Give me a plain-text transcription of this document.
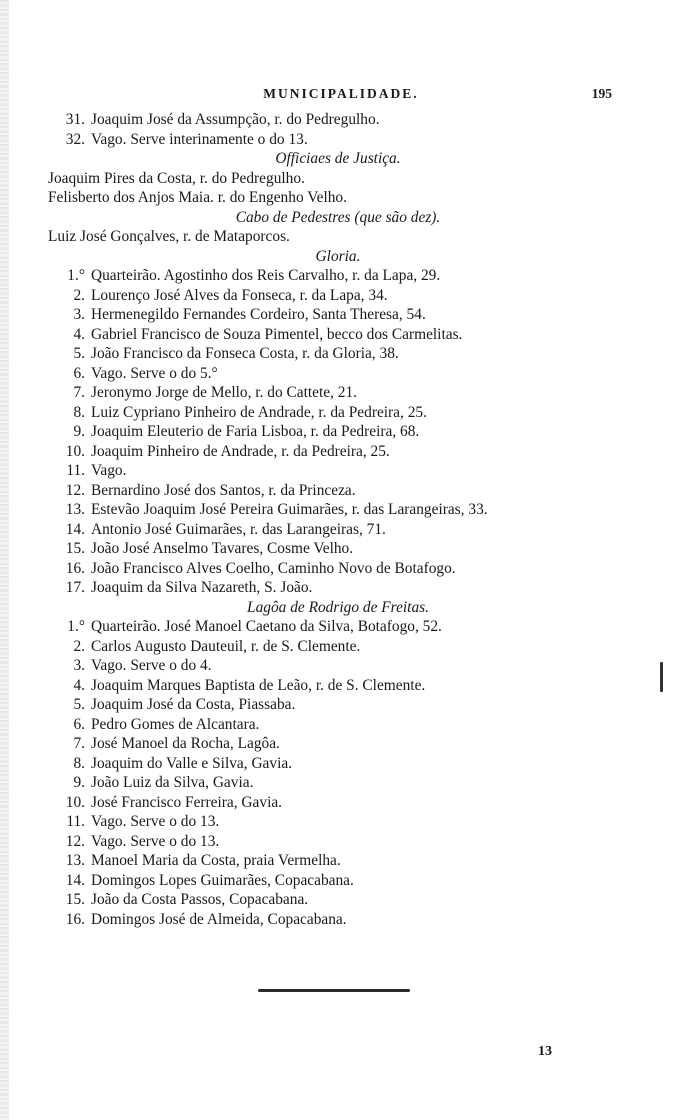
MUNICIPALIDADE.	195
31. Joaquim José da Assumpção, r. do Pedregulho.
32. Vago. Serve interinamente o do 13.
Officiaes de Justiça.
Joaquim Pires da Costa, r. do Pedregulho.
Felisberto dos Anjos Maia. r. do Engenho Velho.
Cabo de Pedestres (que são dez).
Luiz José Gonçalves, r. de Mataporcos.
Gloria.
1.° Quarteirão. Agostinho dos Reis Carvalho, r. da Lapa, 29.
2. Lourenço José Alves da Fonseca, r. da Lapa, 34.
3. Hermenegildo Fernandes Cordeiro, Santa Theresa, 54.
4. Gabriel Francisco de Souza Pimentel, becco dos Carmelitas.
5. João Francisco da Fonseca Costa, r. da Gloria, 38.
6. Vago. Serve o do 5.°
7. Jeronymo Jorge de Mello, r. do Cattete, 21.
8. Luiz Cypriano Pinheiro de Andrade, r. da Pedreira, 25.
9. Joaquim Eleuterio de Faria Lisboa, r. da Pedreira, 68.
10. Joaquim Pinheiro de Andrade, r. da Pedreira, 25.
11. Vago.
12. Bernardino José dos Santos, r. da Princeza.
13. Estevão Joaquim José Pereira Guimarães, r. das Larangeiras, 33.
14. Antonio José Guimarães, r. das Larangeiras, 71.
15. João José Anselmo Tavares, Cosme Velho.
16. João Francisco Alves Coelho, Caminho Novo de Botafogo.
17. Joaquim da Silva Nazareth, S. João.
Lagôa de Rodrigo de Freitas.
1.° Quarteirão. José Manoel Caetano da Silva, Botafogo, 52.
2. Carlos Augusto Dauteuil, r. de S. Clemente.
3. Vago. Serve o do 4.
4. Joaquim Marques Baptista de Leão, r. de S. Clemente.
5. Joaquim José da Costa, Piassaba.
6. Pedro Gomes de Alcantara.
7. José Manoel da Rocha, Lagôa.
8. Joaquim do Valle e Silva, Gavia.
9. João Luiz da Silva, Gavia.
10. José Francisco Ferreira, Gavia.
11. Vago. Serve o do 13.
12. Vago. Serve o do 13.
13. Manoel Maria da Costa, praia Vermelha.
14. Domingos Lopes Guimarães, Copacabana.
15. João da Costa Passos, Copacabana.
16. Domingos José de Almeida, Copacabana.
13
